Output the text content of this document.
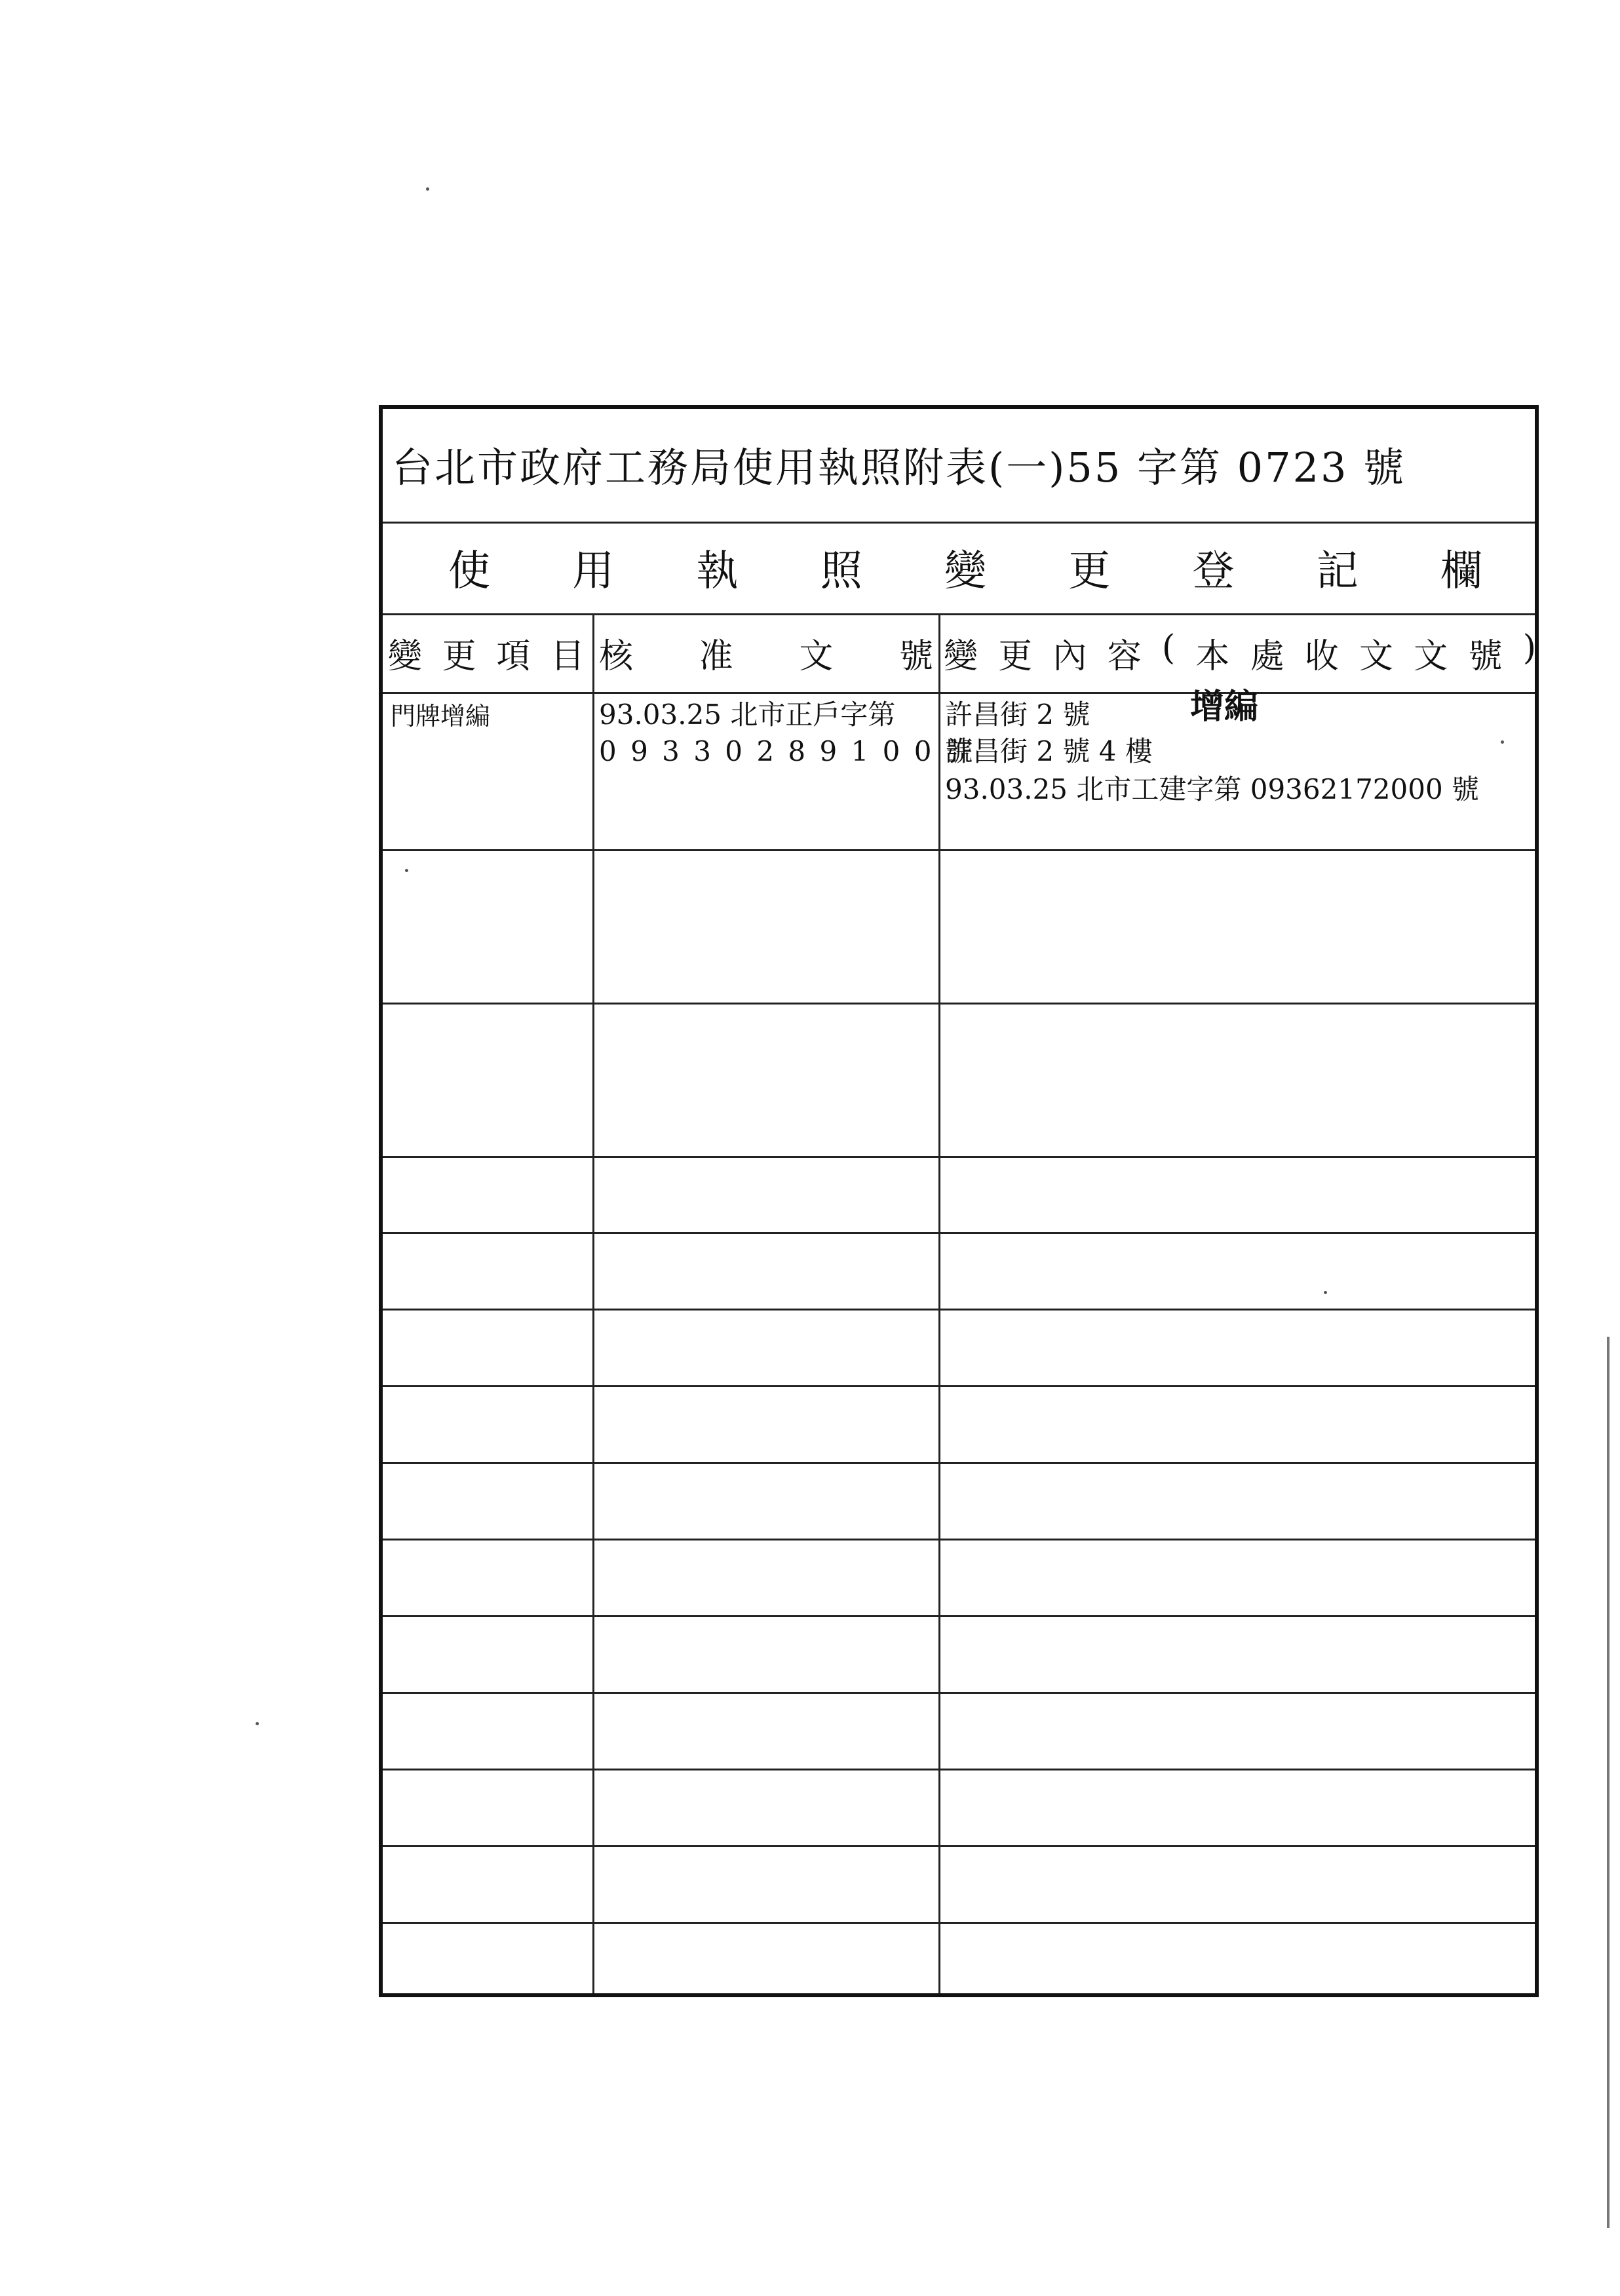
台北市政府工務局使用執照附表(一)55 字第 0723 號
使 用 執 照 變 更 登 記 欄
變 更 項 目 核 准 文 號 變 更 內 容 ( 本 處 收 文 文 號 )
門牌增編	93.03.25 北市正戶字第
0 9 3 3 0 2 8 9 1 0 0 號
許昌街 2 號	增編
許昌街 2 號 4 樓
93.03.25 北市工建字第 09362172000 號
